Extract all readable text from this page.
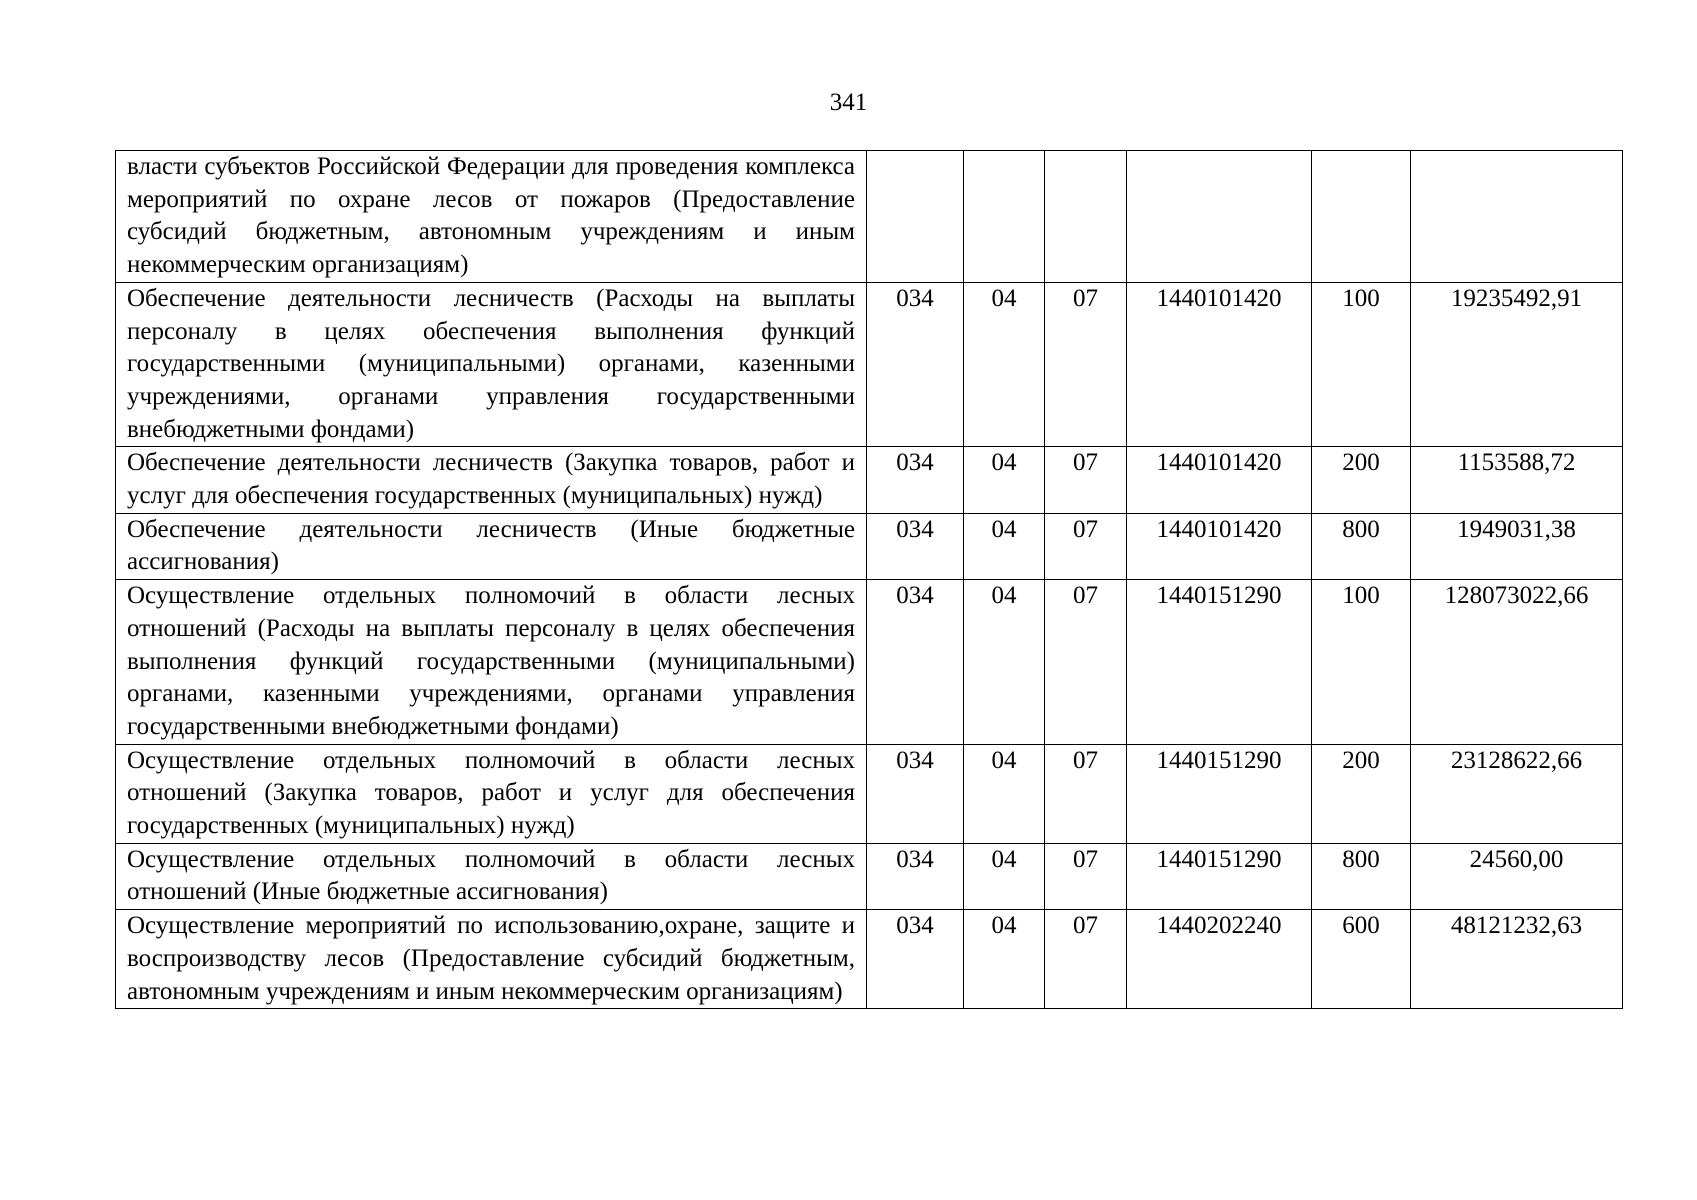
341
власти субъектов Российской Федерации для проведения комплекса мероприятий по охране лесов от пожаров (Предоставление субсидий бюджетным, автономным учреждениям и иным некоммерческим организациям)						
Обеспечение деятельности лесничеств (Расходы на выплаты персоналу в целях обеспечения выполнения функций государственными (муниципальными) органами, казенными учреждениями, органами управления государственными внебюджетными фондами)	034	04	07	1440101420	100	19235492,91
Обеспечение деятельности лесничеств (Закупка товаров, работ и услуг для обеспечения государственных (муниципальных) нужд)	034	04	07	1440101420	200	1153588,72
Обеспечение деятельности лесничеств (Иные бюджетные ассигнования)	034	04	07	1440101420	800	1949031,38
Осуществление отдельных полномочий в области лесных отношений (Расходы на выплаты персоналу в целях обеспечения выполнения функций государственными (муниципальными) органами, казенными учреждениями, органами управления государственными внебюджетными фондами)	034	04	07	1440151290	100	128073022,66
Осуществление отдельных полномочий в области лесных отношений (Закупка товаров, работ и услуг для обеспечения государственных (муниципальных) нужд)	034	04	07	1440151290	200	23128622,66
Осуществление отдельных полномочий в области лесных отношений (Иные бюджетные ассигнования)	034	04	07	1440151290	800	24560,00
Осуществление мероприятий по использованию,охране, защите и воспроизводству лесов (Предоставление субсидий бюджетным, автономным учреждениям и иным некоммерческим организациям)	034	04	07	1440202240	600	48121232,63
